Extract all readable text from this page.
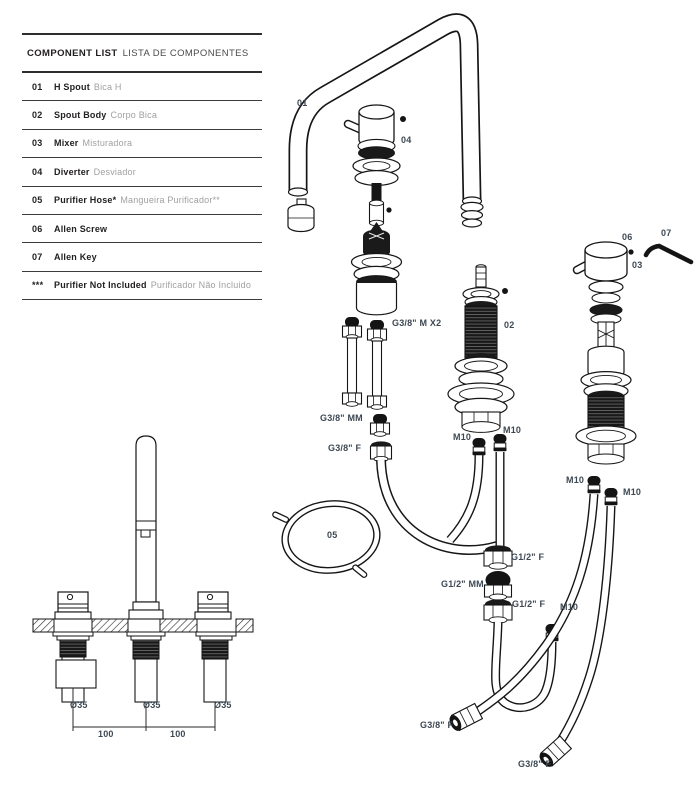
COMPONENT LIST LISTA DE COMPONENTES
01	H Spout Bica H
02	Spout Body Corpo Bica
03	Mixer Misturadora
04	Diverter Desviador
05	Purifier Hose* Mangueira Purificador**
06	Allen Screw
07	Allen Key
***	Purifier Not Included Purificador Não Incluido
01
04
G3/8" M X2	02
06	07
03
G3/8" MM
G3/8" F
M10
M10
05
M10
M10
G1/2" F
G1/2" MM
G1/2" F M10
G3/8" F
G3/8" F
Ø35	Ø35	Ø35
100	100
